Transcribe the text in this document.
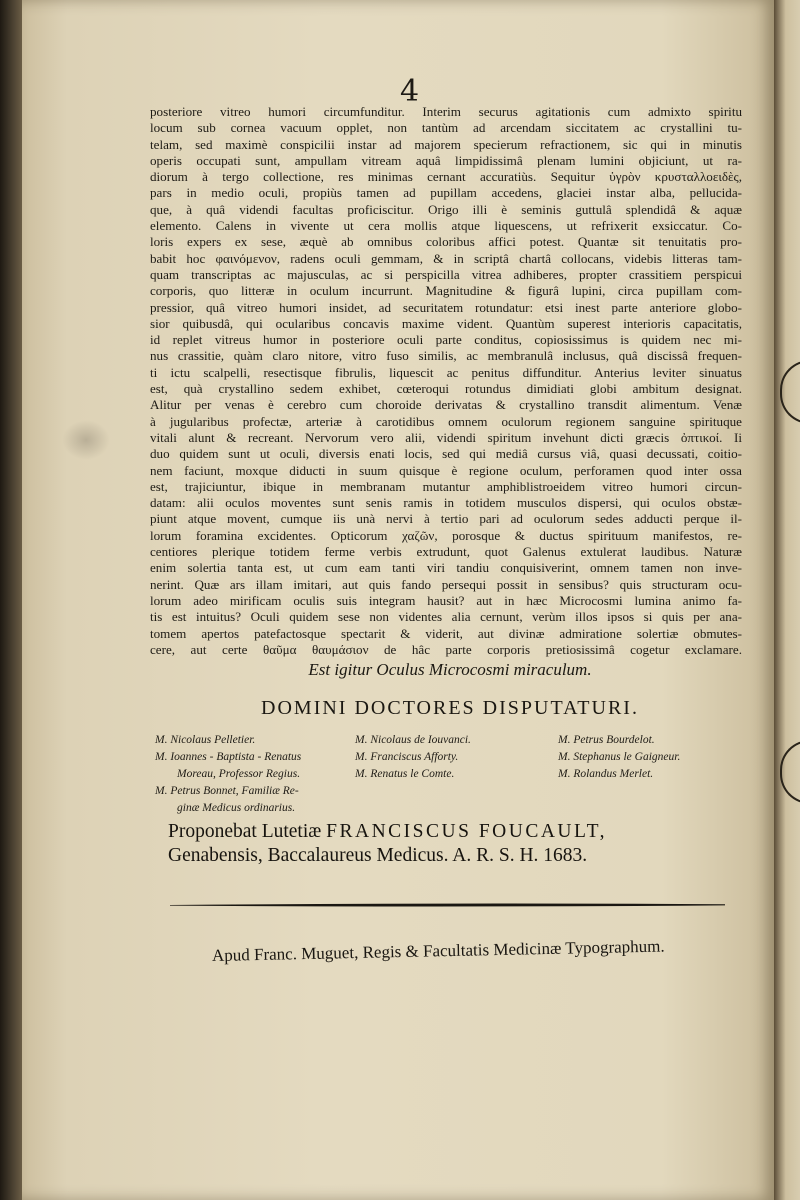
4
posteriore vitreo humori circumfunditur. Interim securus agitationis cum admixto spiritu
locum sub cornea vacuum opplet, non tantùm ad arcendam siccitatem ac crystallini tu-
telam, sed maximè conspicilii instar ad majorem specierum refractionem, sic qui in minutis
operis occupati sunt, ampullam vitream aquâ limpidissimâ plenam lumini objiciunt, ut ra-
diorum à tergo collectione, res minimas cernant accuratiùs. Sequitur ὑγρὸν κρυσταλλοειδὲς,
pars in medio oculi, propiùs tamen ad pupillam accedens, glaciei instar alba, pellucida-
que, à quâ videndi facultas proficiscitur. Origo illi è seminis guttulâ splendidâ & aquæ
elemento. Calens in vivente ut cera mollis atque liquescens, ut refrixerit exsiccatur. Co-
loris expers ex sese, æquè ab omnibus coloribus affici potest. Quantæ sit tenuitatis pro-
babit hoc φαινόμενον, radens oculi gemmam, & in scriptâ chartâ collocans, videbis litteras tam-
quam transcriptas ac majusculas, ac si perspicilla vitrea adhiberes, propter crassitiem perspicui
corporis, quo litteræ in oculum incurrunt. Magnitudine & figurâ lupini, circa pupillam com-
pressior, quâ vitreo humori insidet, ad securitatem rotundatur: etsi inest parte anteriore globo-
sior quibusdâ, qui ocularibus concavis maxime vident. Quantùm superest interioris capacitatis,
id replet vitreus humor in posteriore oculi parte conditus, copiosissimus is quidem nec mi-
nus crassitie, quàm claro nitore, vitro fuso similis, ac membranulâ inclusus, quâ discissâ frequen-
ti ictu scalpelli, resectisque fibrulis, liquescit ac penitus diffunditur. Anterius leviter sinuatus
est, quà crystallino sedem exhibet, cœteroqui rotundus dimidiati globi ambitum designat.
Alitur per venas è cerebro cum choroide derivatas & crystallino transdit alimentum. Venæ
à jugularibus profectæ, arteriæ à carotidibus omnem oculorum regionem sanguine spirituque
vitali alunt & recreant. Nervorum vero alii, videndi spiritum invehunt dicti græcis ὀπτικοί. Ii
duo quidem sunt ut oculi, diversis enati locis, sed qui mediâ cursus viâ, quasi decussati, coitio-
nem faciunt, moxque diducti in suum quisque è regione oculum, perforamen quod inter ossa
est, trajiciuntur, ibique in membranam mutantur amphiblistroeidem vitreo humori circun-
datam: alii oculos moventes sunt senis ramis in totidem musculos dispersi, qui oculos obstæ-
piunt atque movent, cumque iis unà nervi à tertio pari ad oculorum sedes adducti perque il-
lorum foramina excidentes. Opticorum χαζῶν, porosque & ductus spirituum manifestos, re-
centiores plerique totidem ferme verbis extrudunt, quot Galenus extulerat laudibus. Naturæ
enim solertia tanta est, ut cum eam tanti viri tandiu conquisiverint, omnem tamen non inve-
nerint. Quæ ars illam imitari, aut quis fando persequi possit in sensibus? quis structuram ocu-
lorum adeo mirificam oculis suis integram hausit? aut in hæc Microcosmi lumina animo fa-
tis est intuitus? Oculi quidem sese non videntes alia cernunt, verùm illos ipsos si quis per ana-
tomem apertos patefactosque spectarit & viderit, aut divinæ admiratione solertiæ obmutes-
cere, aut certe θαῦμα θαυμάσιον de hâc parte corporis pretiosissimâ cogetur exclamare.
Est igitur Oculus Microcosmi miraculum.
DOMINI DOCTORES DISPUTATURI.
M. Nicolaus Pelletier.
M. Ioannes - Baptista - Renatus
Moreau, Professor Regius.
M. Petrus Bonnet, Familiæ Re-
ginæ Medicus ordinarius.
M. Nicolaus de Iouvanci.
M. Franciscus Afforty.
M. Renatus le Comte.
M. Petrus Bourdelot.
M. Stephanus le Gaigneur.
M. Rolandus Merlet.
Proponebat Lutetiæ FRANCISCUS FOUCAULT,
Genabensis, Baccalaureus Medicus. A. R. S. H. 1683.
Apud Franc. Muguet, Regis & Facultatis Medicinæ Typographum.
